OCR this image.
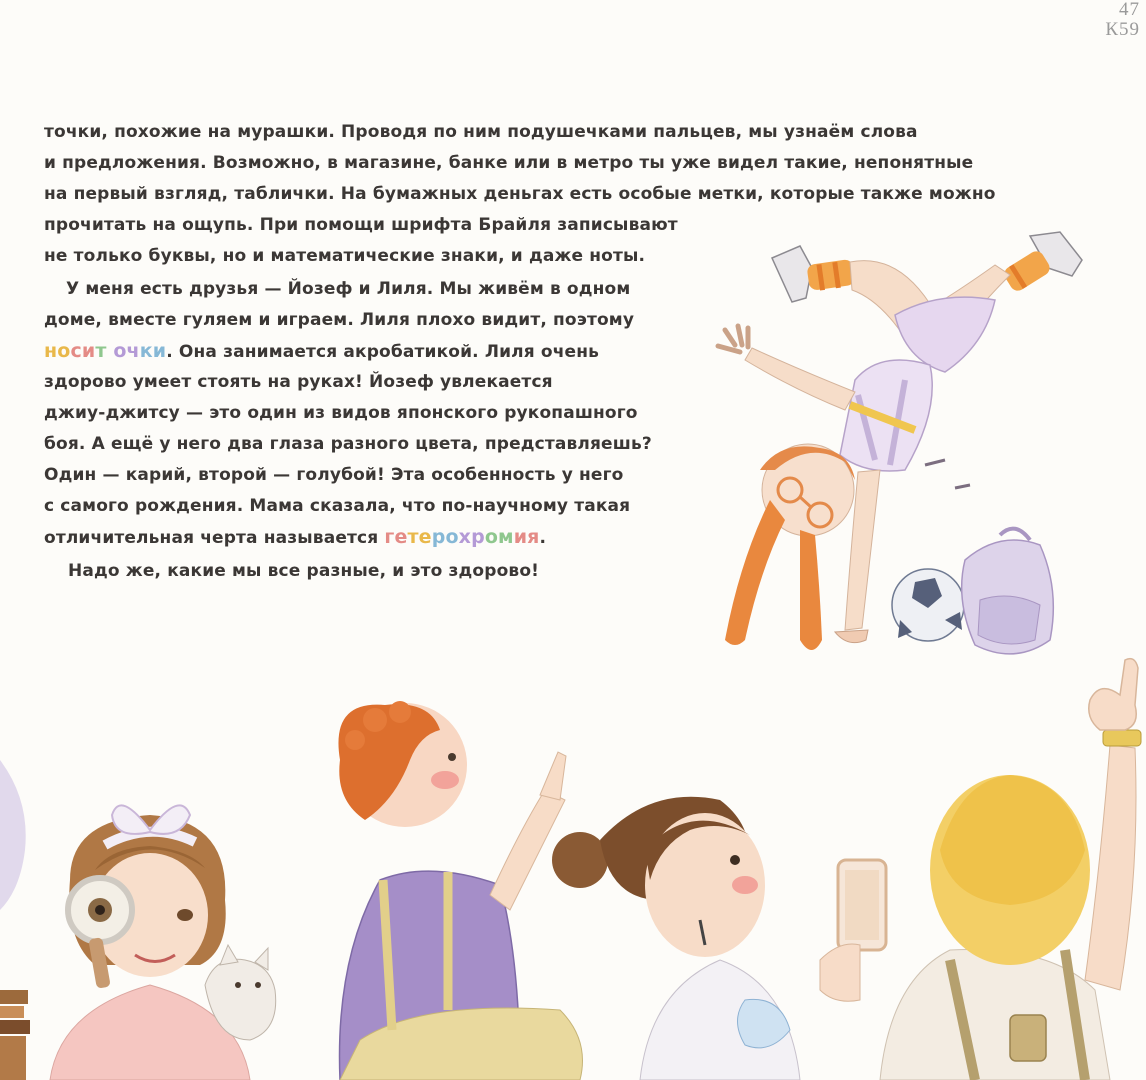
47
К59
точки, похожие на мурашки. Проводя по ним подушечками пальцев, мы узнаём слова
и предложения. Возможно, в магазине, банке или в метро ты уже видел такие, непонятные
на первый взгляд, таблички. На бумажных деньгах есть особые метки, которые также можно
прочитать на ощупь. При помощи шрифта Брайля записывают
не только буквы, но и математические знаки, и даже ноты.
У меня есть друзья — Йозеф и Лиля. Мы живём в одном
доме, вместе гуляем и играем. Лиля плохо видит, поэтому
носит очки. Она занимается акробатикой. Лиля очень
здорово умеет стоять на руках! Йозеф увлекается
джиу-джитсу — это один из видов японского рукопашного
боя. А ещё у него два глаза разного цвета, представляешь?
Один — карий, второй — голубой! Эта особенность у него
с самого рождения. Мама сказала, что по-научному такая
отличительная черта называется гетерохромия.
Надо же, какие мы все разные, и это здорово!
